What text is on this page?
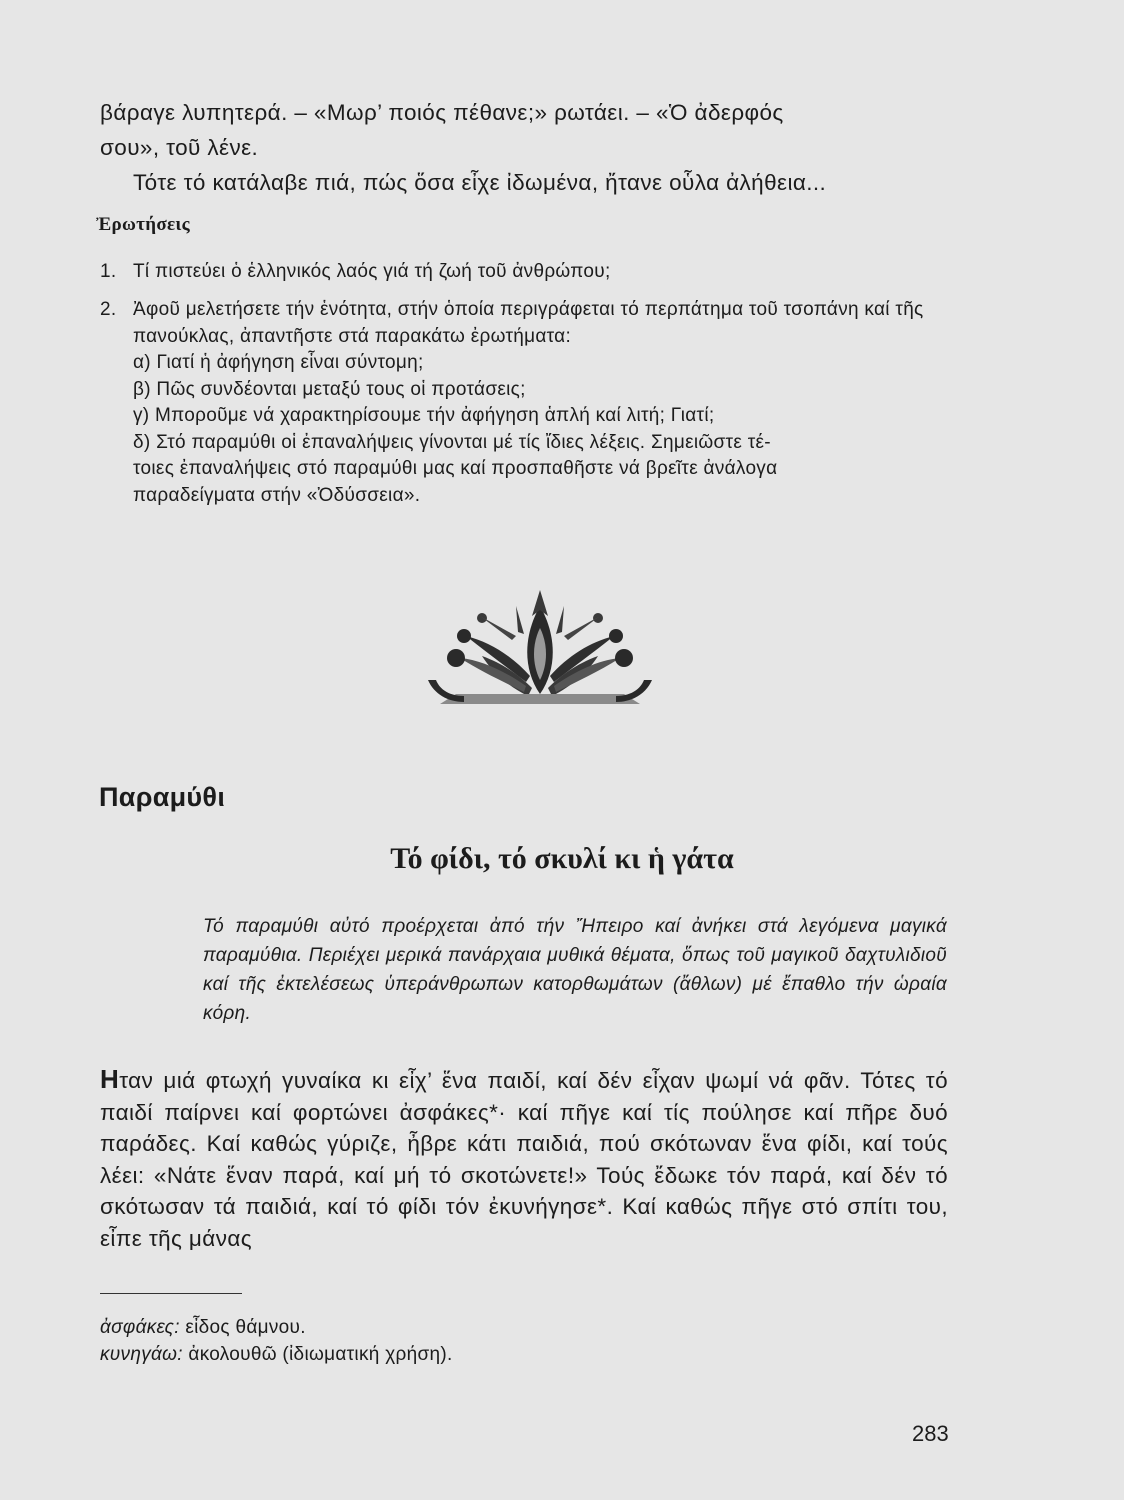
βάραγε λυπητερά. – «Μωρ’ ποιός πέθανε;» ρωτάει. – «Ὁ ἀδερφός

σου», τοῦ λένε.

Τότε τό κατάλαβε πιά, πώς ὅσα εἶχε ἰδωμένα, ἤτανε οὗλα ἀλήθεια...

Ἐρωτήσεις
1. Τί πιστεύει ὁ ἑλληνικός λαός γιά τή ζωή τοῦ ἀνθρώπου;
2. Ἀφοῦ μελετήσετε τήν ἑνότητα, στήν ὁποία περιγράφεται τό περπάτημα τοῦ τσοπάνη καί τῆς πανούκλας, ἀπαντῆστε στά παρακάτω ἐρωτήματα:
α) Γιατί ἡ ἀφήγηση εἶναι σύντομη;
β) Πῶς συνδέονται μεταξύ τους οἱ προτάσεις;
γ) Μποροῦμε νά χαρακτηρίσουμε τήν ἀφήγηση ἁπλή καί λιτή; Γιατί;
δ) Στό παραμύθι οἱ ἐπαναλήψεις γίνονται μέ τίς ἴδιες λέξεις. Σημειῶστε τέ-
τοιες ἐπαναλήψεις στό παραμύθι μας καί προσπαθῆστε νά βρεῖτε ἀνάλογα
παραδείγματα στήν «Ὀδύσσεια».
Παραμύθι
Τό φίδι, τό σκυλί κι ἡ γάτα
Τό παραμύθι αὐτό προέρχεται ἀπό τήν Ἤπειρο καί ἀνήκει στά λεγόμενα μαγικά παραμύθια. Περιέχει μερικά πανάρχαια μυθικά θέματα, ὅπως τοῦ μαγικοῦ δαχτυλιδιοῦ καί τῆς ἐκτελέσεως ὑπεράνθρωπων κατορθωμάτων (ἄθλων) μέ ἔπαθλο τήν ὡραία κόρη.

Ηταν μιά φτωχή γυναίκα κι εἶχ’ ἕνα παιδί, καί δέν εἶχαν ψωμί νά φᾶν. Τότες τό παιδί παίρνει καί φορτώνει ἀσφάκες*· καί πῆγε καί τίς πούλησε καί πῆρε δυό παράδες. Καί καθώς γύριζε, ἦβρε κάτι παιδιά, πού σκότωναν ἕνα φίδι, καί τούς λέει: «Νάτε ἕναν παρά, καί μή τό σκοτώνετε!» Τούς ἔδωκε τόν παρά, καί δέν τό σκότωσαν τά παιδιά, καί τό φίδι τόν ἐκυνήγησε*. Καί καθώς πῆγε στό σπίτι του, εἶπε τῆς μάνας

ἀσφάκες: εἶδος θάμνου.
κυνηγάω: ἀκολουθῶ (ἰδιωματική χρήση).
283
